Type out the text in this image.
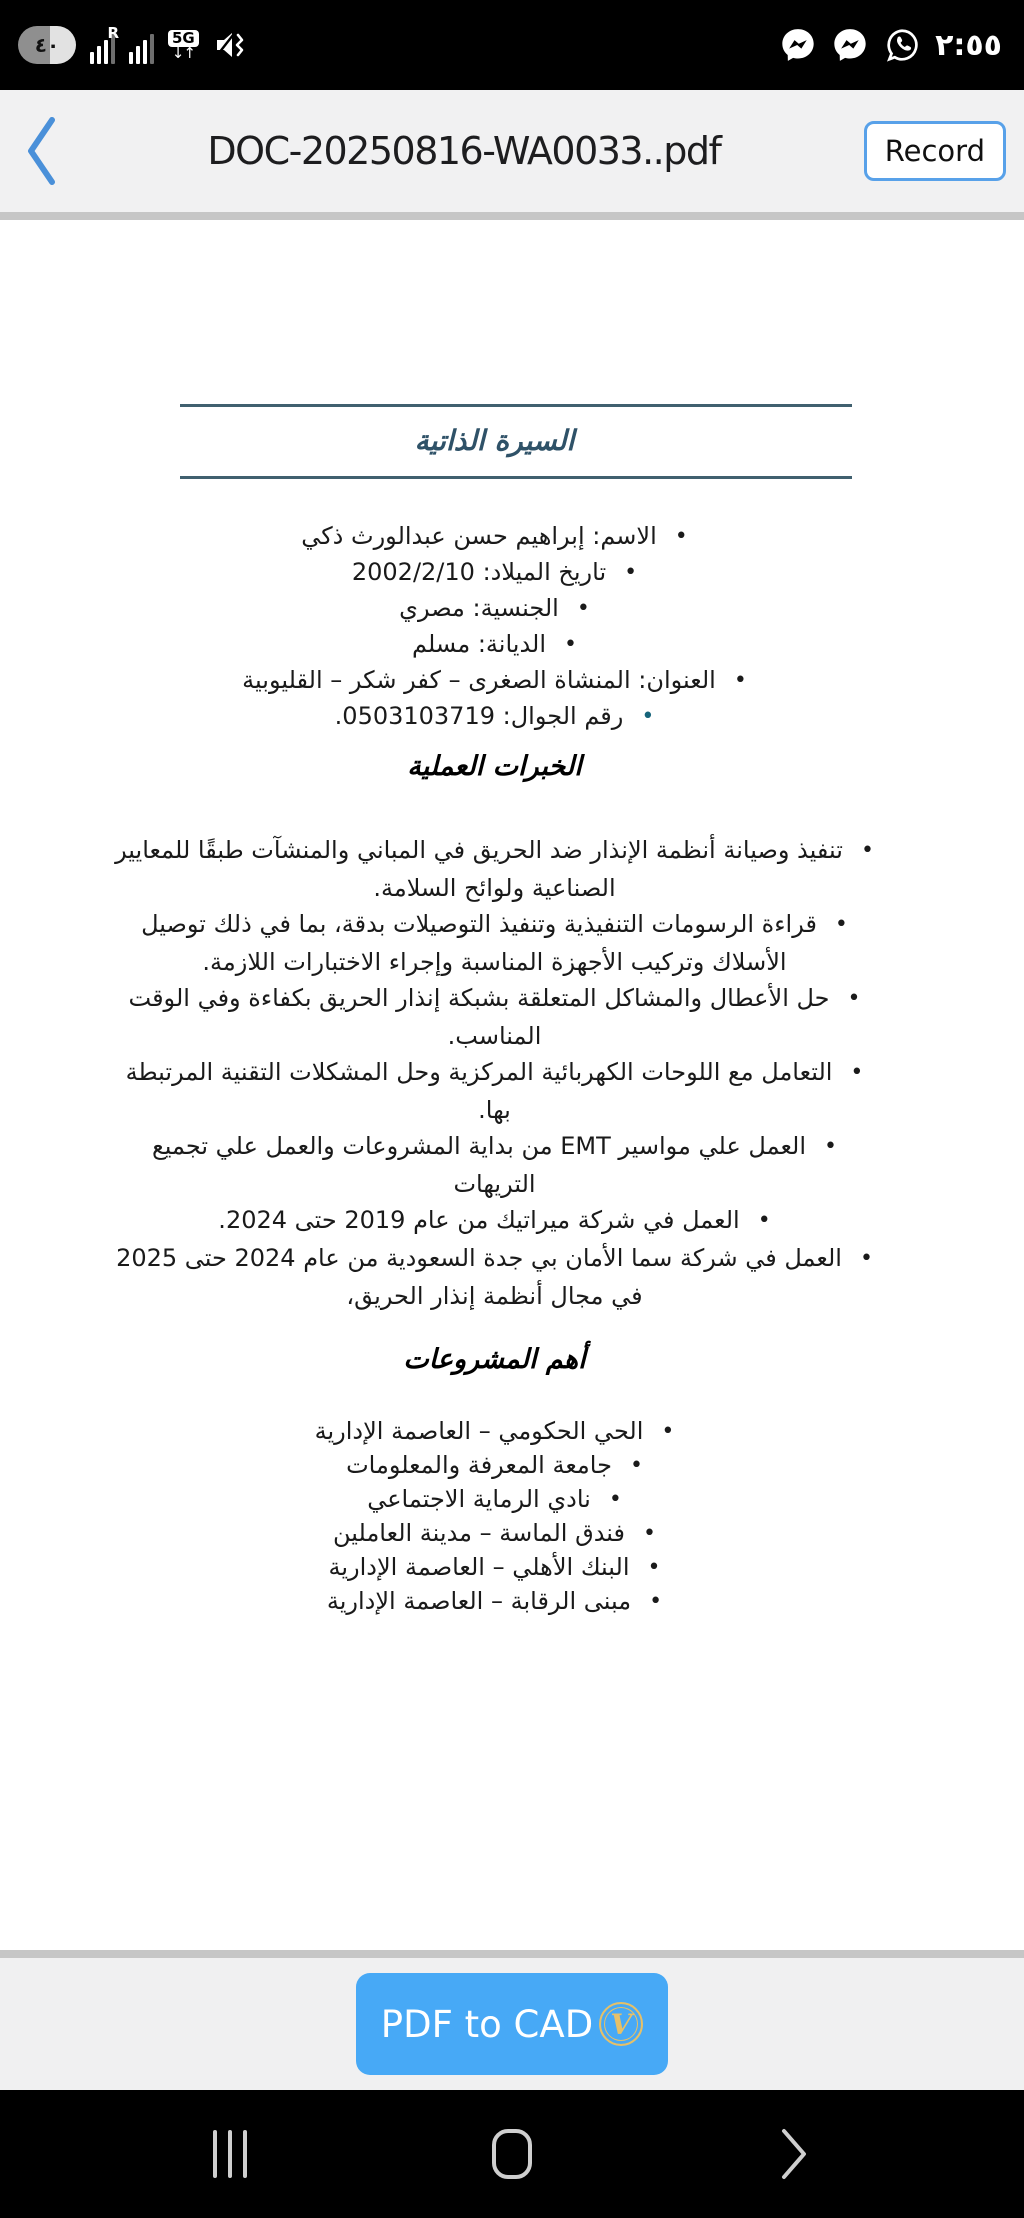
٤٠	R	5G
↓↑	٢:٥٥
DOC-20250816-WA0033..pdf	Record
السيرة الذاتية
• الاسم: إبراهيم حسن عبدالورث ذكي
• تاريخ الميلاد: 2002/2/10
• الجنسية: مصري
• الديانة: مسلم
• العنوان: المنشاة الصغرى – كفر شكر – القليوبية
• رقم الجوال: 0503103719.
الخبرات العملية
• تنفيذ وصيانة أنظمة الإنذار ضد الحريق في المباني والمنشآت طبقًا للمعايير الصناعية ولوائح السلامة.
• قراءة الرسومات التنفيذية وتنفيذ التوصيلات بدقة، بما في ذلك توصيل الأسلاك وتركيب الأجهزة المناسبة وإجراء الاختبارات اللازمة.
• حل الأعطال والمشاكل المتعلقة بشبكة إنذار الحريق بكفاءة وفي الوقت المناسب.
• التعامل مع اللوحات الكهربائية المركزية وحل المشكلات التقنية المرتبطة بها.
• العمل علي مواسير EMT من بداية المشروعات والعمل علي تجميع التريهات
• العمل في شركة ميراتيك من عام 2019 حتى 2024.
• العمل في شركة سما الأمان بي جدة السعودية من عام 2024 حتى 2025 في مجال أنظمة إنذار الحريق،
أهم المشروعات
• الحي الحكومي – العاصمة الإدارية
• جامعة المعرفة والمعلومات
• نادي الرماية الاجتماعي
• فندق الماسة – مدينة العاملين
• البنك الأهلي – العاصمة الإدارية
• مبنى الرقابة – العاصمة الإدارية
PDF to CAD V
